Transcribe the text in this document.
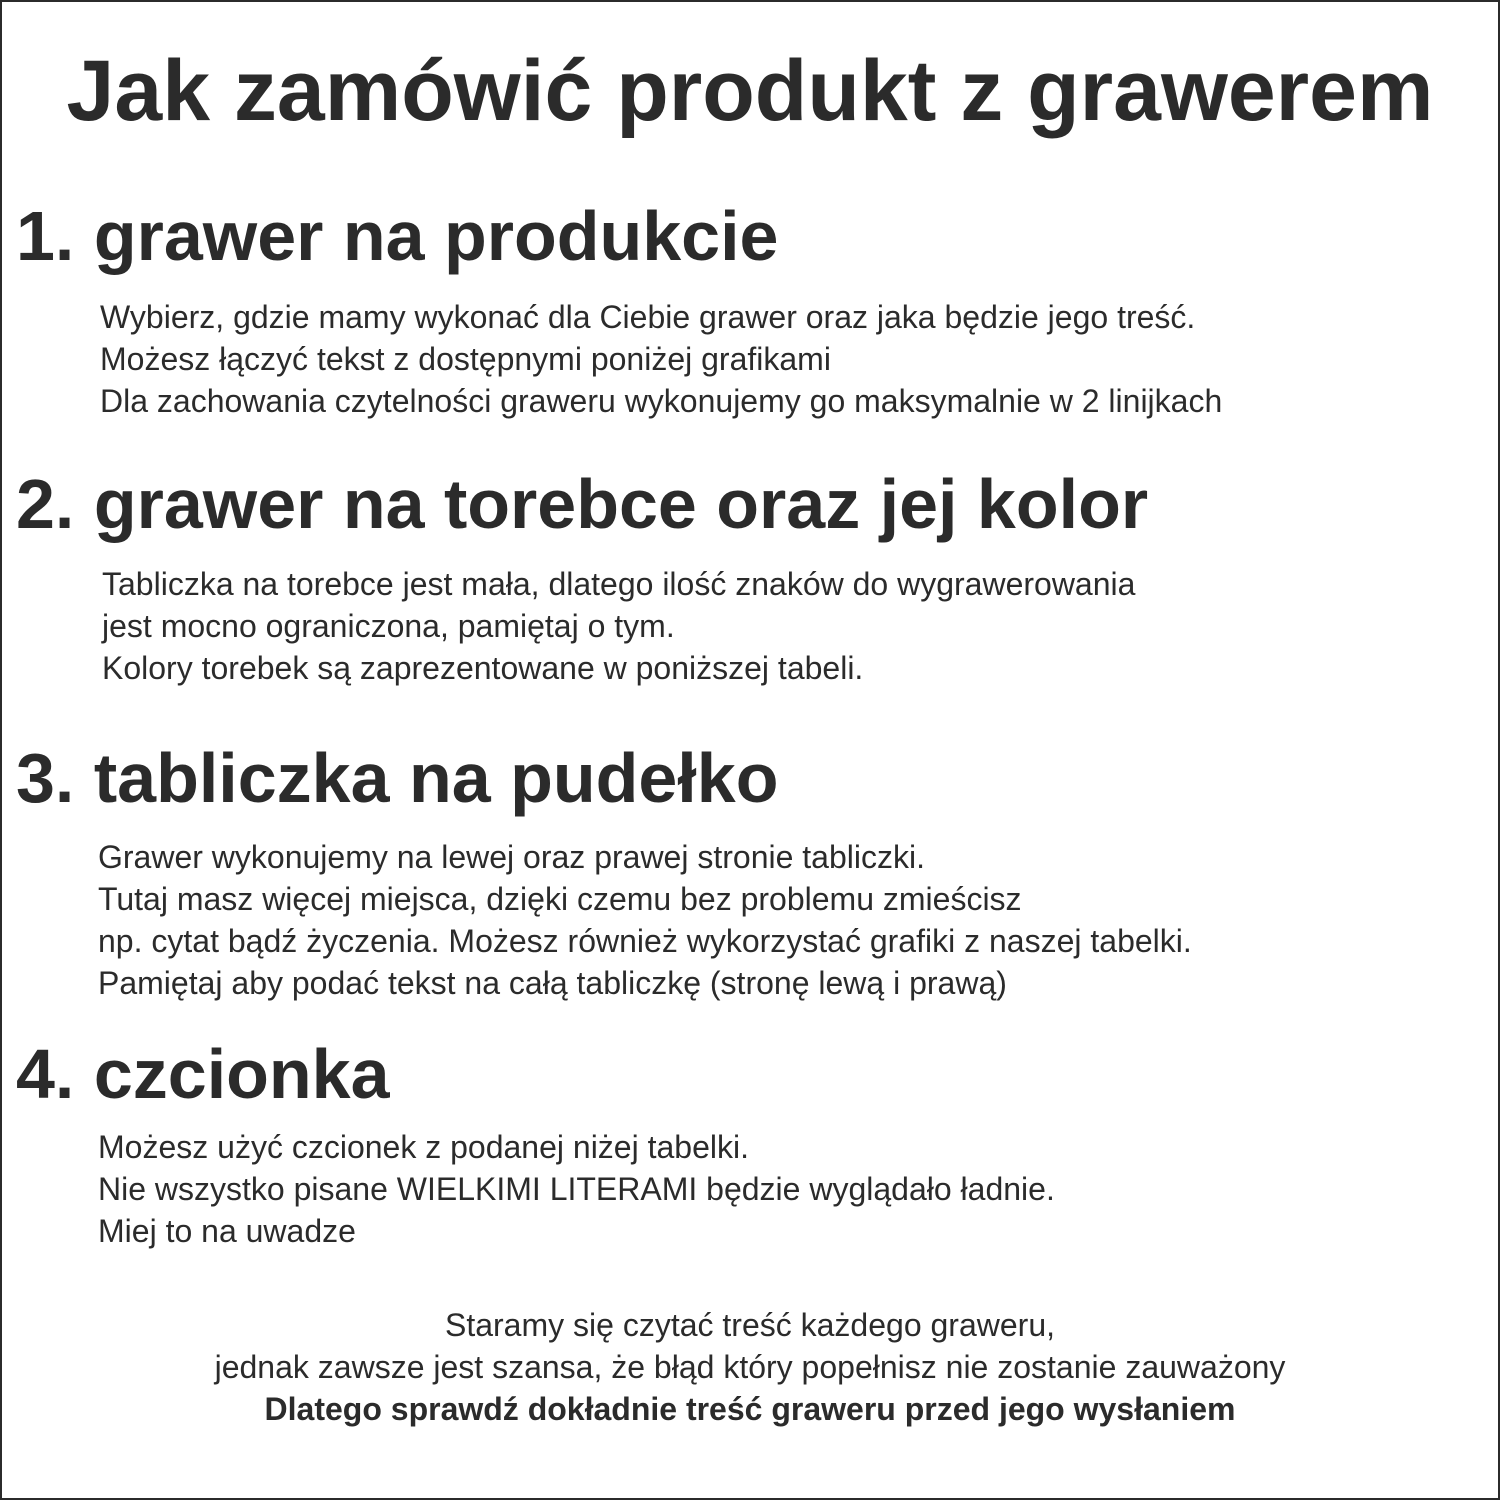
Jak zamówić produkt z grawerem
1. grawer na produkcie
Wybierz, gdzie mamy wykonać dla Ciebie grawer oraz jaka będzie jego treść.
Możesz łączyć tekst z dostępnymi poniżej grafikami
Dla zachowania czytelności graweru wykonujemy go maksymalnie w 2 linijkach
2. grawer na torebce oraz jej kolor
Tabliczka na torebce jest mała, dlatego ilość znaków do wygrawerowania
jest mocno ograniczona, pamiętaj o tym.
Kolory torebek są zaprezentowane w poniższej tabeli.
3. tabliczka na pudełko
Grawer wykonujemy na lewej oraz prawej stronie tabliczki.
Tutaj masz więcej miejsca, dzięki czemu bez problemu zmieścisz
np. cytat bądź życzenia. Możesz również wykorzystać grafiki z naszej tabelki.
Pamiętaj aby podać tekst na całą tabliczkę (stronę lewą i prawą)
4. czcionka
Możesz użyć czcionek z podanej niżej tabelki.
Nie wszystko pisane WIELKIMI LITERAMI będzie wyglądało ładnie.
Miej to na uwadze
Staramy się czytać treść każdego graweru,
jednak zawsze jest szansa, że błąd który popełnisz nie zostanie zauważony
Dlatego sprawdź dokładnie treść graweru przed jego wysłaniem
